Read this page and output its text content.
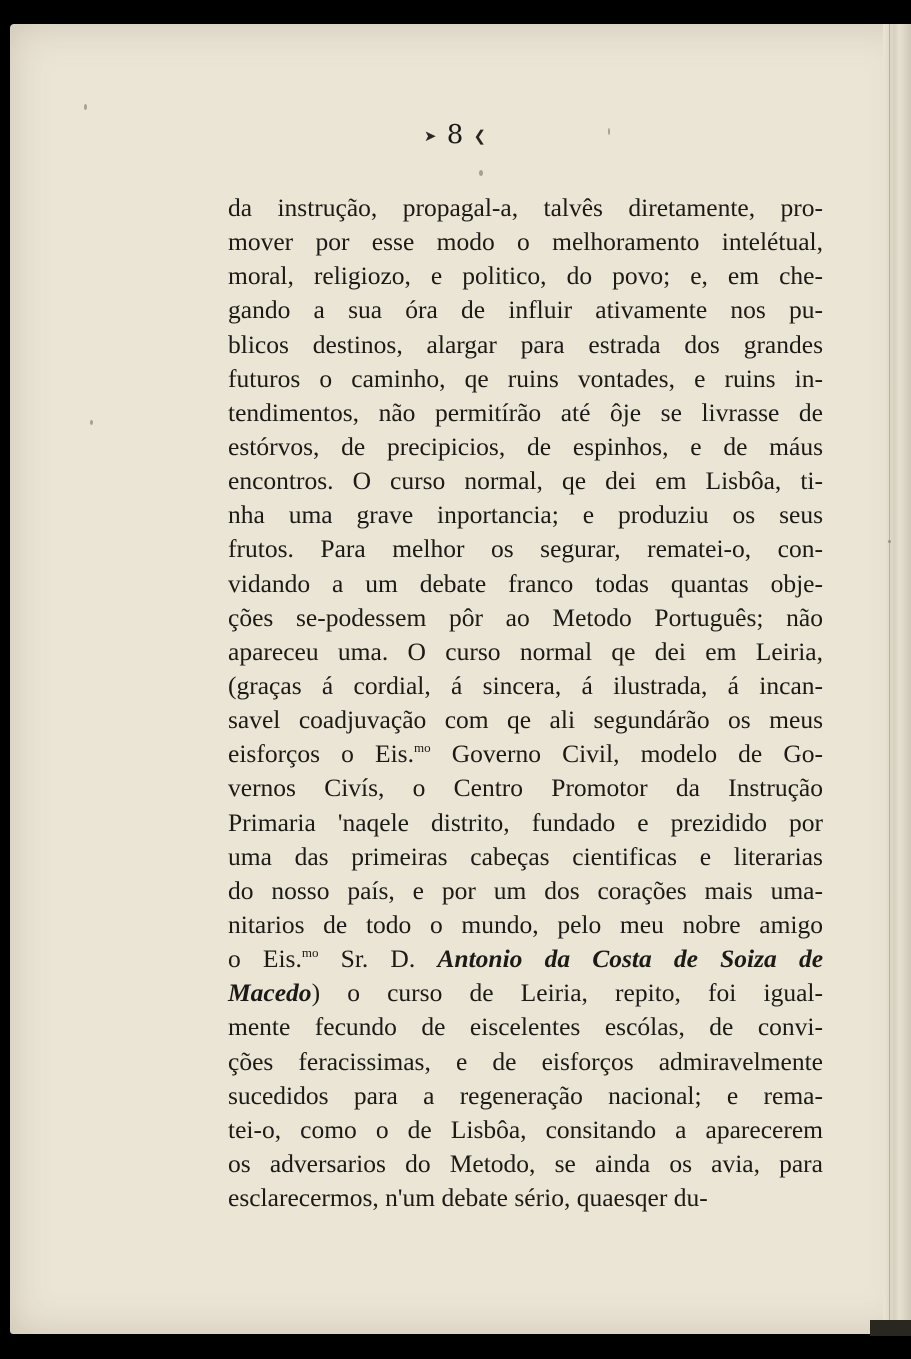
➤ 8 ❮
da instrução, propagal-a, talvês diretamente, pro-
mover por esse modo o melhoramento intelétual,
moral, religiozo, e politico, do povo; e, em che-
gando a sua óra de influir ativamente nos pu-
blicos destinos, alargar para estrada dos grandes
futuros o caminho, qe ruins vontades, e ruins in-
tendimentos, não permitírão até ôje se livrasse de
estórvos, de precipicios, de espinhos, e de máus
encontros. O curso normal, qe dei em Lisbôa, ti-
nha uma grave inportancia; e produziu os seus
frutos. Para melhor os segurar, rematei-o, con-
vidando a um debate franco todas quantas obje-
ções se-podessem pôr ao Metodo Português; não
apareceu uma. O curso normal qe dei em Leiria,
(graças á cordial, á sincera, á ilustrada, á incan-
savel coadjuvação com qe ali segundárão os meus
eisforços o Eis.$^{mo}$ Governo Civil, modelo de Go-
vernos Civís, o Centro Promotor da Instrução
Primaria 'naqele distrito, fundado e prezidido por
uma das primeiras cabeças cientificas e literarias
do nosso país, e por um dos corações mais uma-
nitarios de todo o mundo, pelo meu nobre amigo
o Eis.$^{mo}$ Sr. D. Antonio da Costa de Soiza de
Macedo) o curso de Leiria, repito, foi igual-
mente fecundo de eiscelentes escólas, de convi-
ções feracissimas, e de eisforços admiravelmente
sucedidos para a regeneração nacional; e rema-
tei-o, como o de Lisbôa, consitando a aparecerem
os adversarios do Metodo, se ainda os avia, para
esclarecermos, n'um debate sério, quaesqer du-
